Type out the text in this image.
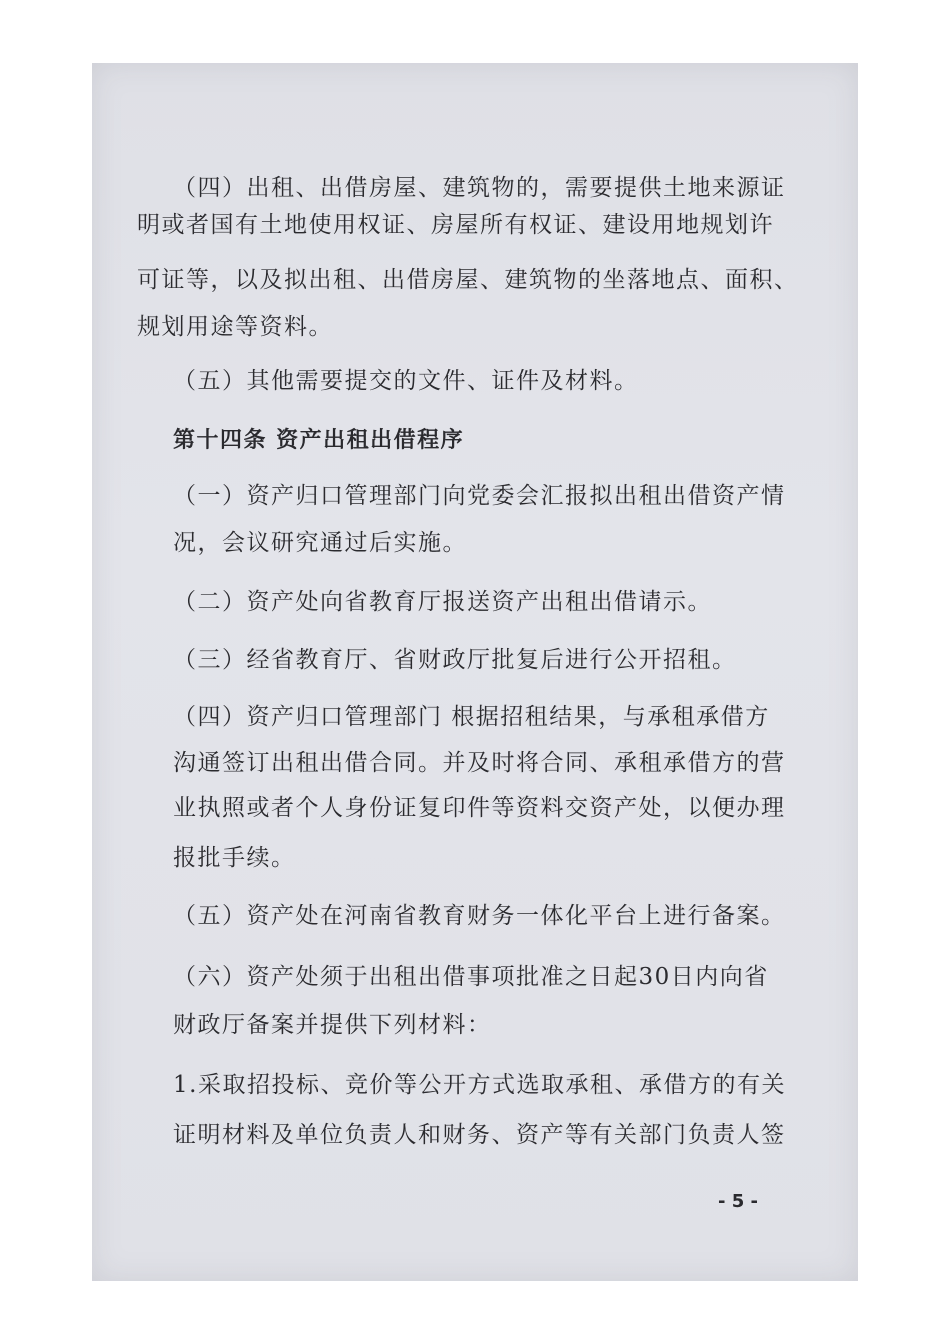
（四）出租、出借房屋、建筑物的，需要提供土地来源证
明或者国有土地使用权证、房屋所有权证、建设用地规划许
可证等，以及拟出租、出借房屋、建筑物的坐落地点、面积、
规划用途等资料。
（五）其他需要提交的文件、证件及材料。
第十四条 资产出租出借程序
（一）资产归口管理部门向党委会汇报拟出租出借资产情
况，会议研究通过后实施。
（二）资产处向省教育厅报送资产出租出借请示。
（三）经省教育厅、省财政厅批复后进行公开招租。
（四）资产归口管理部门 根据招租结果，与承租承借方
沟通签订出租出借合同。并及时将合同、承租承借方的营
业执照或者个人身份证复印件等资料交资产处，以便办理
报批手续。
（五）资产处在河南省教育财务一体化平台上进行备案。
（六）资产处须于出租出借事项批准之日起30日内向省
财政厅备案并提供下列材料：
1.采取招投标、竞价等公开方式选取承租、承借方的有关
证明材料及单位负责人和财务、资产等有关部门负责人签
- 5 -
